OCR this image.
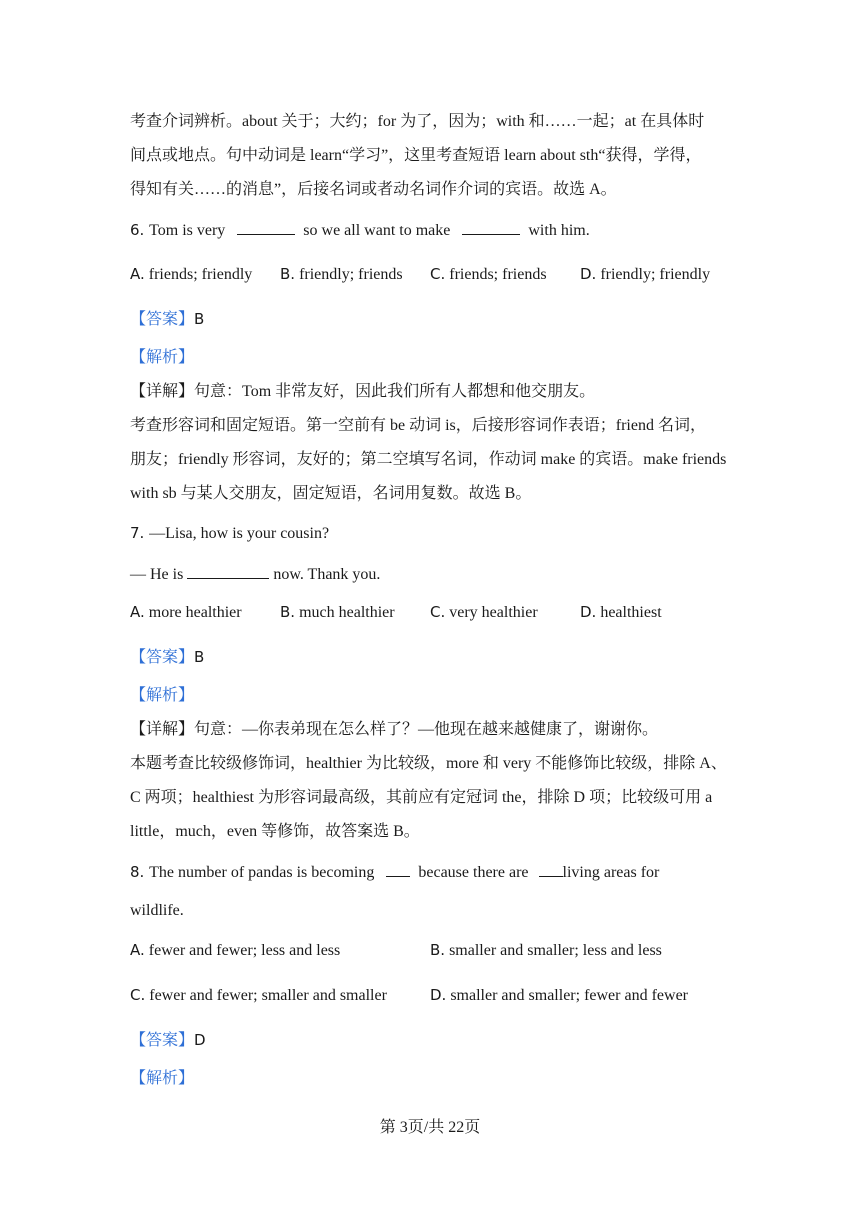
考查介词辨析。about 关于；大约；for 为了，因为；with 和……一起；at 在具体时
间点或地点。句中动词是 learn“学习”，这里考查短语 learn about sth“获得，学得，
得知有关……的消息”，后接名词或者动名词作介词的宾语。故选 A。
6. Tom is very	so we all want to make	with him.
A. friends; friendly B. friendly; friends C. friends; friends D. friendly; friendly
【答案】B
【解析】
【详解】句意：Tom 非常友好，因此我们所有人都想和他交朋友。
考查形容词和固定短语。第一空前有 be 动词 is，后接形容词作表语；friend 名词，
朋友；friendly 形容词，友好的；第二空填写名词，作动词 make 的宾语。make friends
with sb 与某人交朋友，固定短语，名词用复数。故选 B。
7. —Lisa, how is your cousin?
— He is	now. Thank you.
A. more healthier	B. much healthier C. very healthier	D. healthiest
【答案】B
【解析】
【详解】句意：—你表弟现在怎么样了？—他现在越来越健康了，谢谢你。
本题考查比较级修饰词，healthier 为比较级，more 和 very 不能修饰比较级，排除 A、
C 两项；healthiest 为形容词最高级，其前应有定冠词 the，排除 D 项；比较级可用 a
little，much，even 等修饰，故答案选 B。
8. The number of pandas is becoming	because there are living areas for
wildlife.
A. fewer and fewer; less and less	B. smaller and smaller; less and less
C. fewer and fewer; smaller and smaller	D. smaller and smaller; fewer and fewer
【答案】D
【解析】
第 3页/共 22页
